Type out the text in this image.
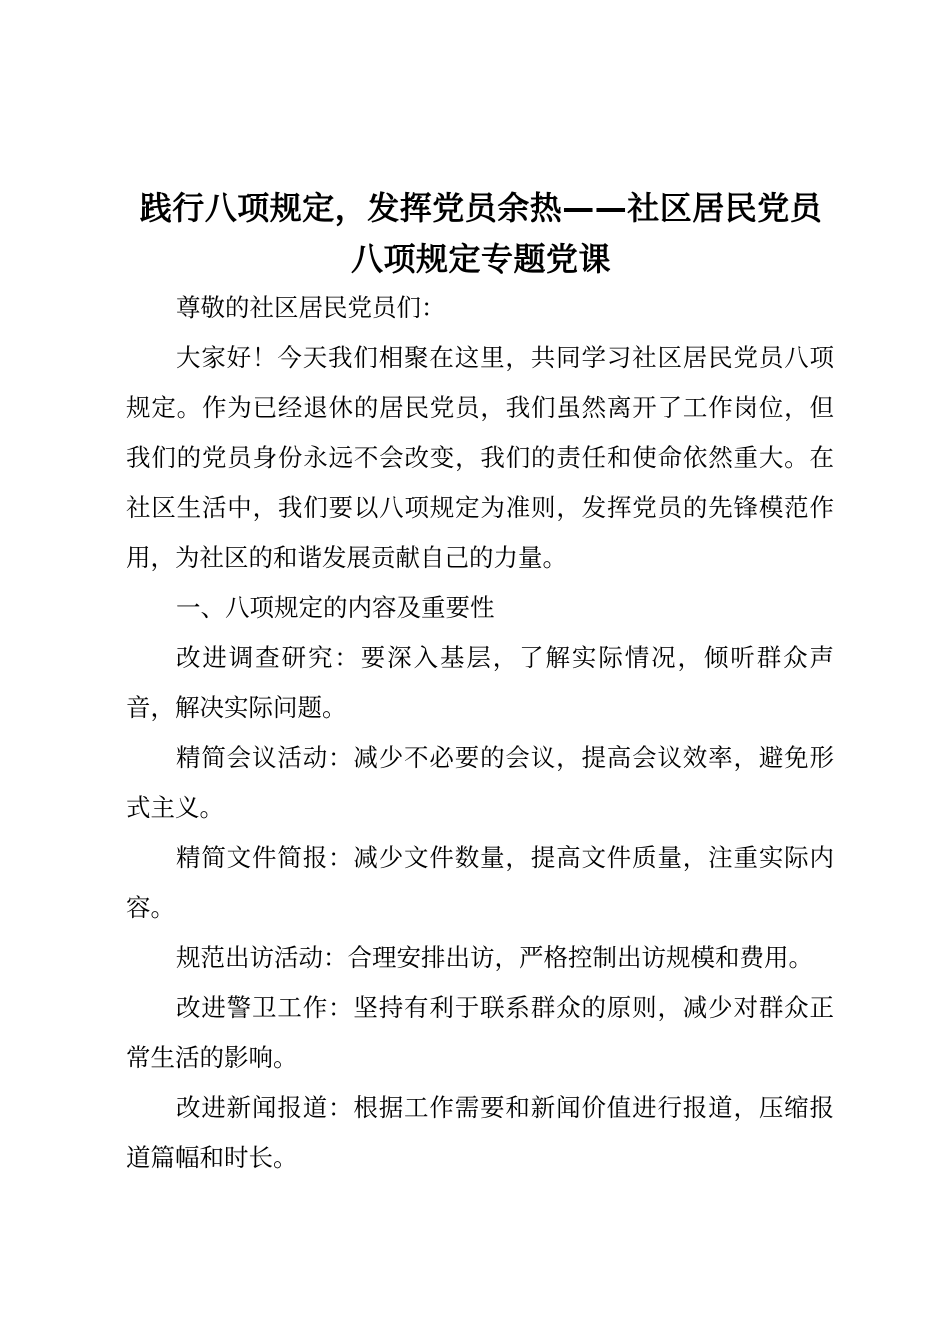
践行八项规定，发挥党员余热——社区居民党员八项规定专题党课

尊敬的社区居民党员们：

大家好！今天我们相聚在这里，共同学习社区居民党员八项规定。作为已经退休的居民党员，我们虽然离开了工作岗位，但我们的党员身份永远不会改变，我们的责任和使命依然重大。在社区生活中，我们要以八项规定为准则，发挥党员的先锋模范作用，为社区的和谐发展贡献自己的力量。

一、八项规定的内容及重要性

改进调查研究：要深入基层，了解实际情况，倾听群众声音，解决实际问题。

精简会议活动：减少不必要的会议，提高会议效率，避免形式主义。

精简文件简报：减少文件数量，提高文件质量，注重实际内容。

规范出访活动：合理安排出访，严格控制出访规模和费用。

改进警卫工作：坚持有利于联系群众的原则，减少对群众正常生活的影响。

改进新闻报道：根据工作需要和新闻价值进行报道，压缩报道篇幅和时长。
